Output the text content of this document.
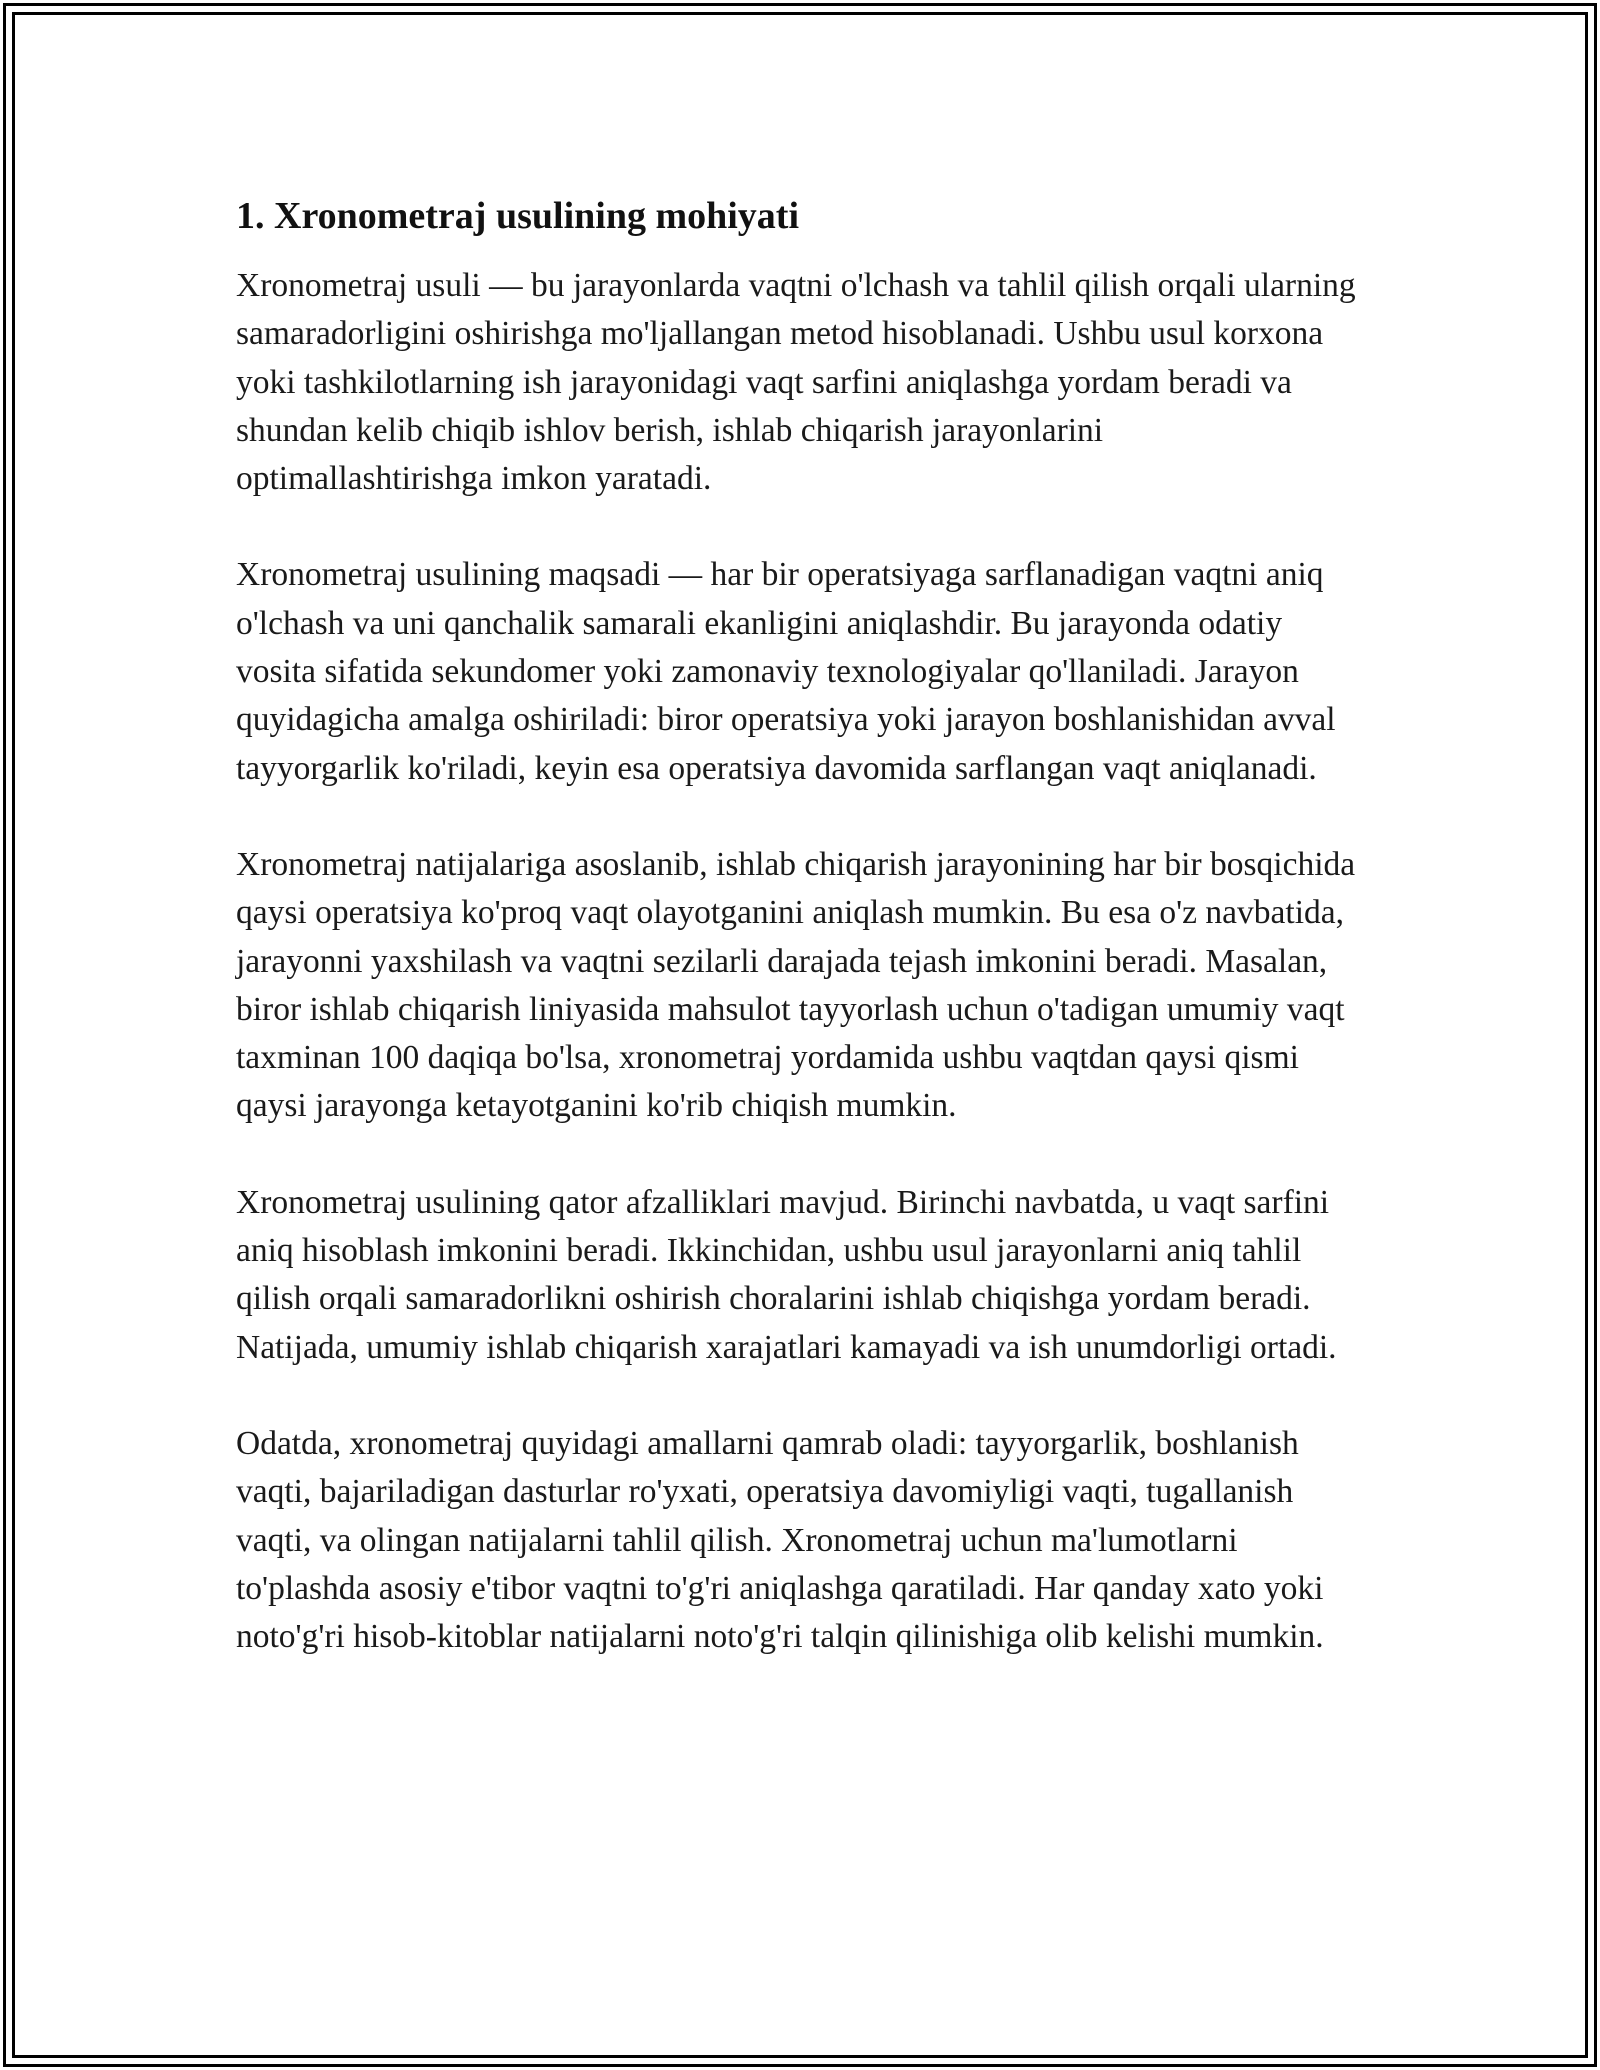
1. Xronometraj usulining mohiyati

Xronometraj usuli — bu jarayonlarda vaqtni o'lchash va tahlil qilish orqali ularning samaradorligini oshirishga mo'ljallangan metod hisoblanadi. Ushbu usul korxona yoki tashkilotlarning ish jarayonidagi vaqt sarfini aniqlashga yordam beradi va shundan kelib chiqib ishlov berish, ishlab chiqarish jarayonlarini optimallashtirishga imkon yaratadi.

Xronometraj usulining maqsadi — har bir operatsiyaga sarflanadigan vaqtni aniq o'lchash va uni qanchalik samarali ekanligini aniqlashdir. Bu jarayonda odatiy vosita sifatida sekundomer yoki zamonaviy texnologiyalar qo'llaniladi. Jarayon quyidagicha amalga oshiriladi: biror operatsiya yoki jarayon boshlanishidan avval tayyorgarlik ko'riladi, keyin esa operatsiya davomida sarflangan vaqt aniqlanadi.

Xronometraj natijalariga asoslanib, ishlab chiqarish jarayonining har bir bosqichida qaysi operatsiya ko'proq vaqt olayotganini aniqlash mumkin. Bu esa o'z navbatida, jarayonni yaxshilash va vaqtni sezilarli darajada tejash imkonini beradi. Masalan, biror ishlab chiqarish liniyasida mahsulot tayyorlash uchun o'tadigan umumiy vaqt taxminan 100 daqiqa bo'lsa, xronometraj yordamida ushbu vaqtdan qaysi qismi qaysi jarayonga ketayotganini ko'rib chiqish mumkin.

Xronometraj usulining qator afzalliklari mavjud. Birinchi navbatda, u vaqt sarfini aniq hisoblash imkonini beradi. Ikkinchidan, ushbu usul jarayonlarni aniq tahlil qilish orqali samaradorlikni oshirish choralarini ishlab chiqishga yordam beradi. Natijada, umumiy ishlab chiqarish xarajatlari kamayadi va ish unumdorligi ortadi.

Odatda, xronometraj quyidagi amallarni qamrab oladi: tayyorgarlik, boshlanish vaqti, bajariladigan dasturlar ro'yxati, operatsiya davomiyligi vaqti, tugallanish vaqti, va olingan natijalarni tahlil qilish. Xronometraj uchun ma'lumotlarni to'plashda asosiy e'tibor vaqtni to'g'ri aniqlashga qaratiladi. Har qanday xato yoki noto'g'ri hisob-kitoblar natijalarni noto'g'ri talqin qilinishiga olib kelishi mumkin.
